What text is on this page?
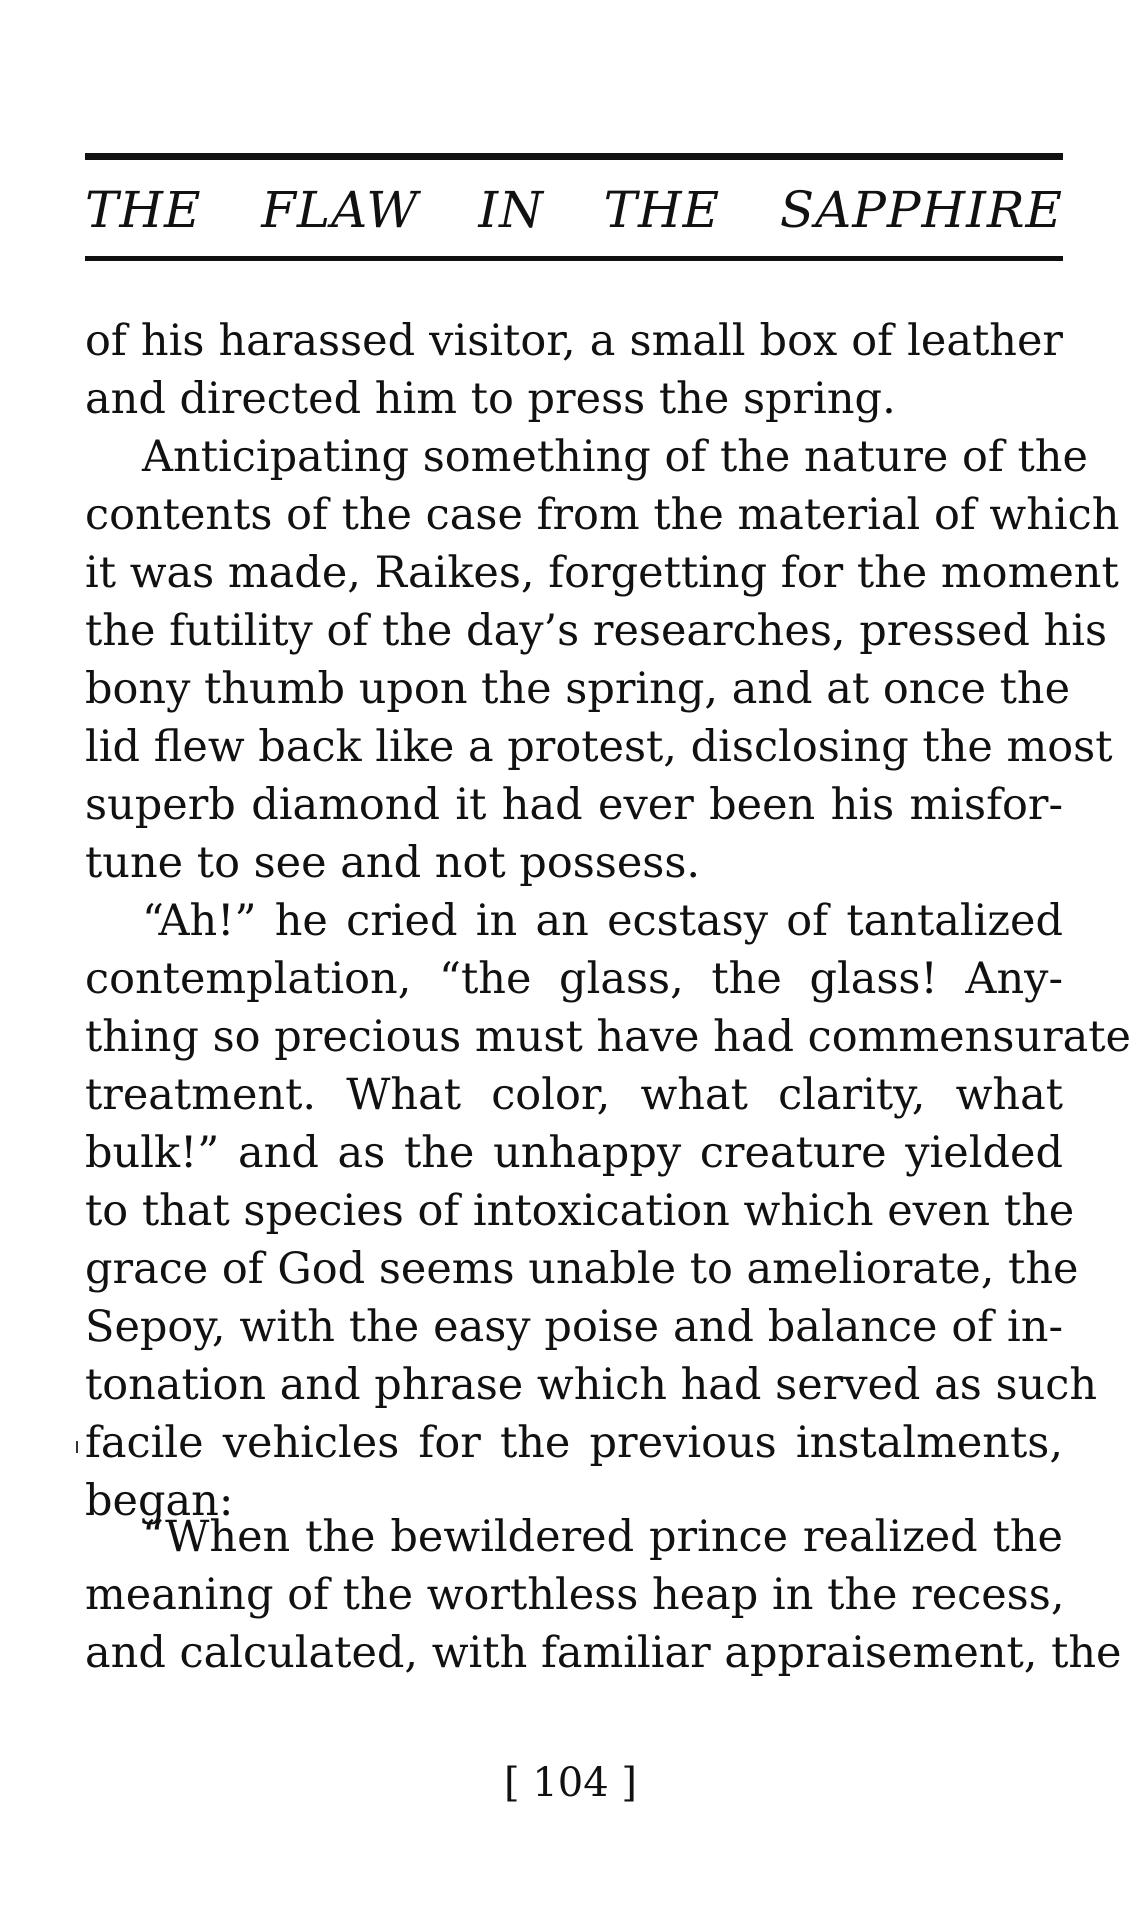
THE FLAW IN THE SAPPHIRE
of his harassed visitor, a small box of leather
and directed him to press the spring.
Anticipating something of the nature of the
contents of the case from the material of which
it was made, Raikes, forgetting for the moment
the futility of the day’s researches, pressed his
bony thumb upon the spring, and at once the
lid flew back like a protest, disclosing the most
superb diamond it had ever been his misfor-
tune to see and not possess.
“Ah!” he cried in an ecstasy of tantalized
contemplation, “the glass, the glass! Any-
thing so precious must have had commensurate
treatment. What color, what clarity, what
bulk!” and as the unhappy creature yielded
to that species of intoxication which even the
grace of God seems unable to ameliorate, the
Sepoy, with the easy poise and balance of in-
tonation and phrase which had served as such
facile vehicles for the previous instalments,
began:
“When the bewildered prince realized the
meaning of the worthless heap in the recess,
and calculated, with familiar appraisement, the
[ 104 ]
